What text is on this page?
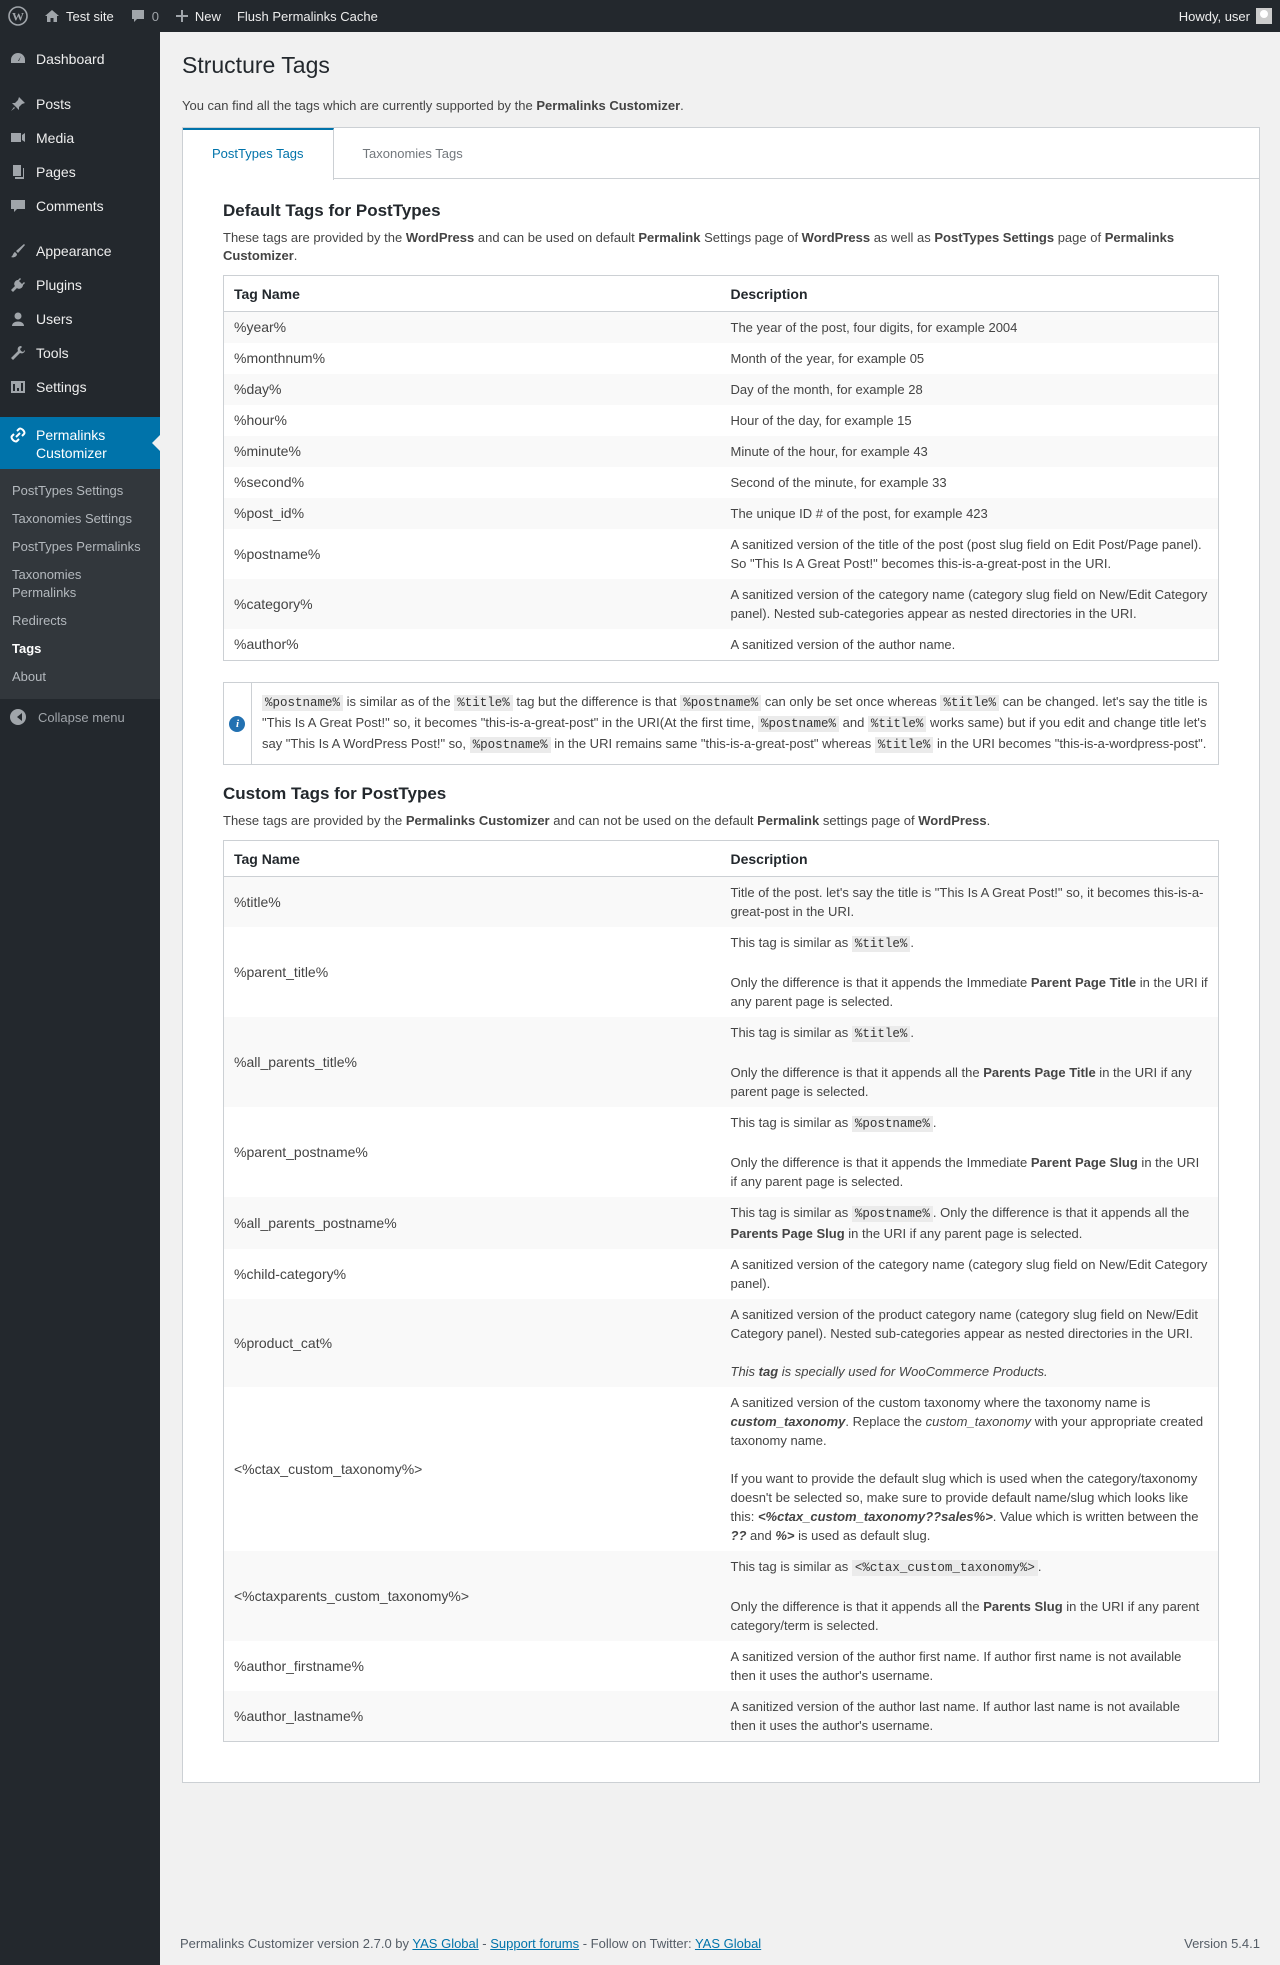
W	Test site	0	New Flush Permalinks Cache	Howdy, user
Dashboard
Posts
Media
Pages
Comments
Appearance
Plugins
Users
Tools
Settings
Permalinks
Customizer
PostTypes Settings
Taxonomies Settings
PostTypes Permalinks
Taxonomies
Permalinks
Redirects
Tags
About
Collapse menu
Structure Tags

You can find all the tags which are currently supported by the Permalinks Customizer.

PostTypes Tags	Taxonomies Tags
Default Tags for PostTypes

These tags are provided by the WordPress and can be used on default Permalink Settings page of WordPress as well as PostTypes Settings page of Permalinks Customizer.

Tag Name	Description
%year%	The year of the post, four digits, for example 2004
%monthnum%	Month of the year, for example 05
%day%	Day of the month, for example 28
%hour%	Hour of the day, for example 15
%minute%	Minute of the hour, for example 43
%second%	Second of the minute, for example 33
%post_id%	The unique ID # of the post, for example 423
%postname%	A sanitized version of the title of the post (post slug field on Edit Post/Page panel). So "This Is A Great Post!" becomes this-is-a-great-post in the URI.
%category%	A sanitized version of the category name (category slug field on New/Edit Category panel). Nested sub-categories appear as nested directories in the URI.
%author%	A sanitized version of the author name.
i
%postname% is similar as of the %title% tag but the difference is that %postname% can only be set once whereas %title% can be changed. let's say the title is "This Is A Great Post!" so, it becomes "this-is-a-great-post" in the URI(At the first time, %postname% and %title% works same) but if you edit and change title let's say "This Is A WordPress Post!" so, %postname% in the URI remains same "this-is-a-great-post" whereas %title% in the URI becomes "this-is-a-wordpress-post".
Custom Tags for PostTypes

These tags are provided by the Permalinks Customizer and can not be used on the default Permalink settings page of WordPress.

Tag Name	Description
%title%	Title of the post. let's say the title is "This Is A Great Post!" so, it becomes this-is-a-great-post in the URI.
%parent_title%	This tag is similar as %title% .

Only the difference is that it appends the Immediate Parent Page Title in the URI if any parent page is selected.

%all_parents_title%	This tag is similar as %title% .

Only the difference is that it appends all the Parents Page Title in the URI if any parent page is selected.

%parent_postname%	This tag is similar as %postname% .

Only the difference is that it appends the Immediate Parent Page Slug in the URI if any parent page is selected.

%all_parents_postname%	This tag is similar as %postname% . Only the difference is that it appends all the Parents Page Slug in the URI if any parent page is selected.
%child-category%	A sanitized version of the category name (category slug field on New/Edit Category panel).
%product_cat%	A sanitized version of the product category name (category slug field on New/Edit Category panel). Nested sub-categories appear as nested directories in the URI.

This tag is specially used for WooCommerce Products.

<%ctax_custom_taxonomy%>	A sanitized version of the custom taxonomy where the taxonomy name is custom_taxonomy. Replace the custom_taxonomy with your appropriate created taxonomy name.

If you want to provide the default slug which is used when the category/taxonomy doesn't be selected so, make sure to provide default name/slug which looks like this: <%ctax_custom_taxonomy??sales%>. Value which is written between the ?? and %> is used as default slug.

<%ctaxparents_custom_taxonomy%>	This tag is similar as <%ctax_custom_taxonomy%> .

Only the difference is that it appends all the Parents Slug in the URI if any parent category/term is selected.

%author_firstname%	A sanitized version of the author first name. If author first name is not available then it uses the author's username.
%author_lastname%	A sanitized version of the author last name. If author last name is not available then it uses the author's username.
Permalinks Customizer version 2.7.0 by YAS Global - Support forums - Follow on Twitter: YAS Global	Version 5.4.1
